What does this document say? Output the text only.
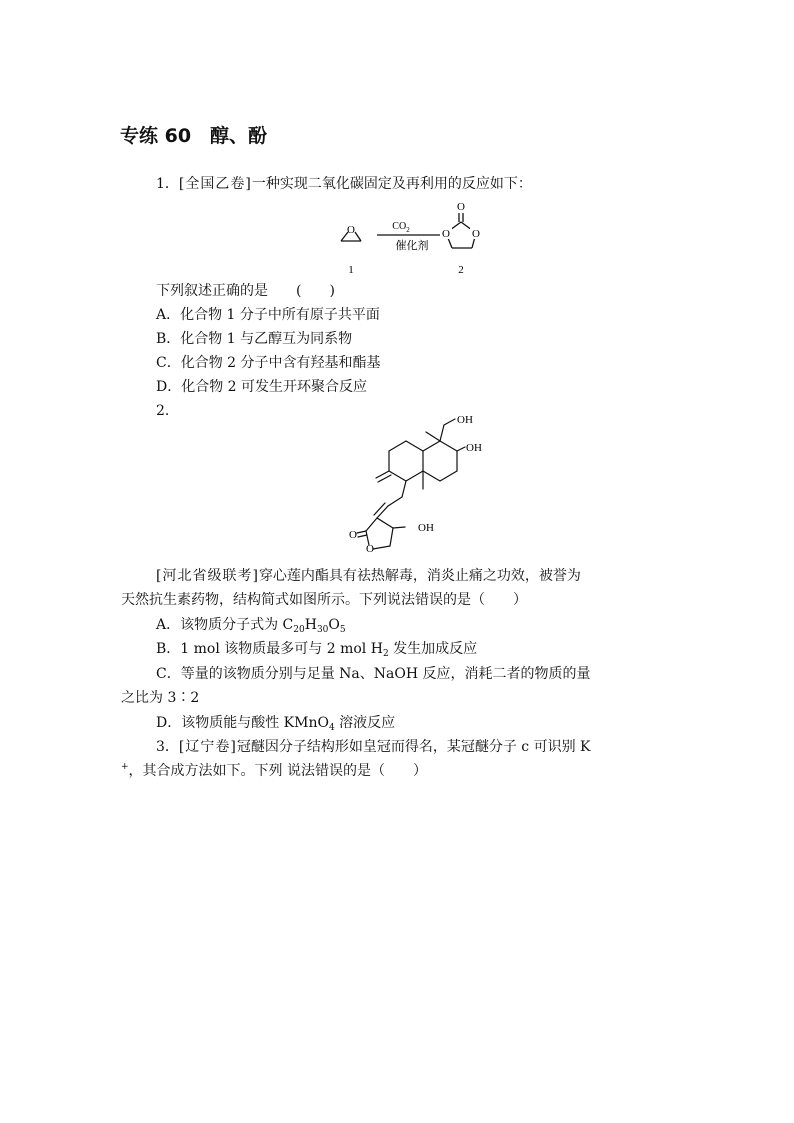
专练 60　醇、酚
1．[全国乙卷]一种实现二氧化碳固定及再利用的反应如下：
O	$CO_2$
催化剂
O
O O
1	2
下列叙述正确的是　　(　　)
A．化合物 1 分子中所有原子共平面
B．化合物 1 与乙醇互为同系物
C．化合物 2 分子中含有羟基和酯基
D．化合物 2 可发生开环聚合反应
2.
OH
OH
OH
O
O
[河北省级联考]穿心莲内酯具有祛热解毒，消炎止痛之功效，被誉为
天然抗生素药物，结构简式如图所示。下列说法错误的是（　　）
A．该物质分子式为 $C_{20}H_{30}O_5$
B．1 mol 该物质最多可与 2 mol $H_2$ 发生加成反应
C．等量的该物质分别与足量 Na、NaOH 反应，消耗二者的物质的量
之比为 3∶2
D．该物质能与酸性 KMnO$_4$ 溶液反应
3．[辽宁卷]冠醚因分子结构形如皇冠而得名，某冠醚分子 c 可识别 K
+，其合成方法如下。下列 说法错误的是（　　）
